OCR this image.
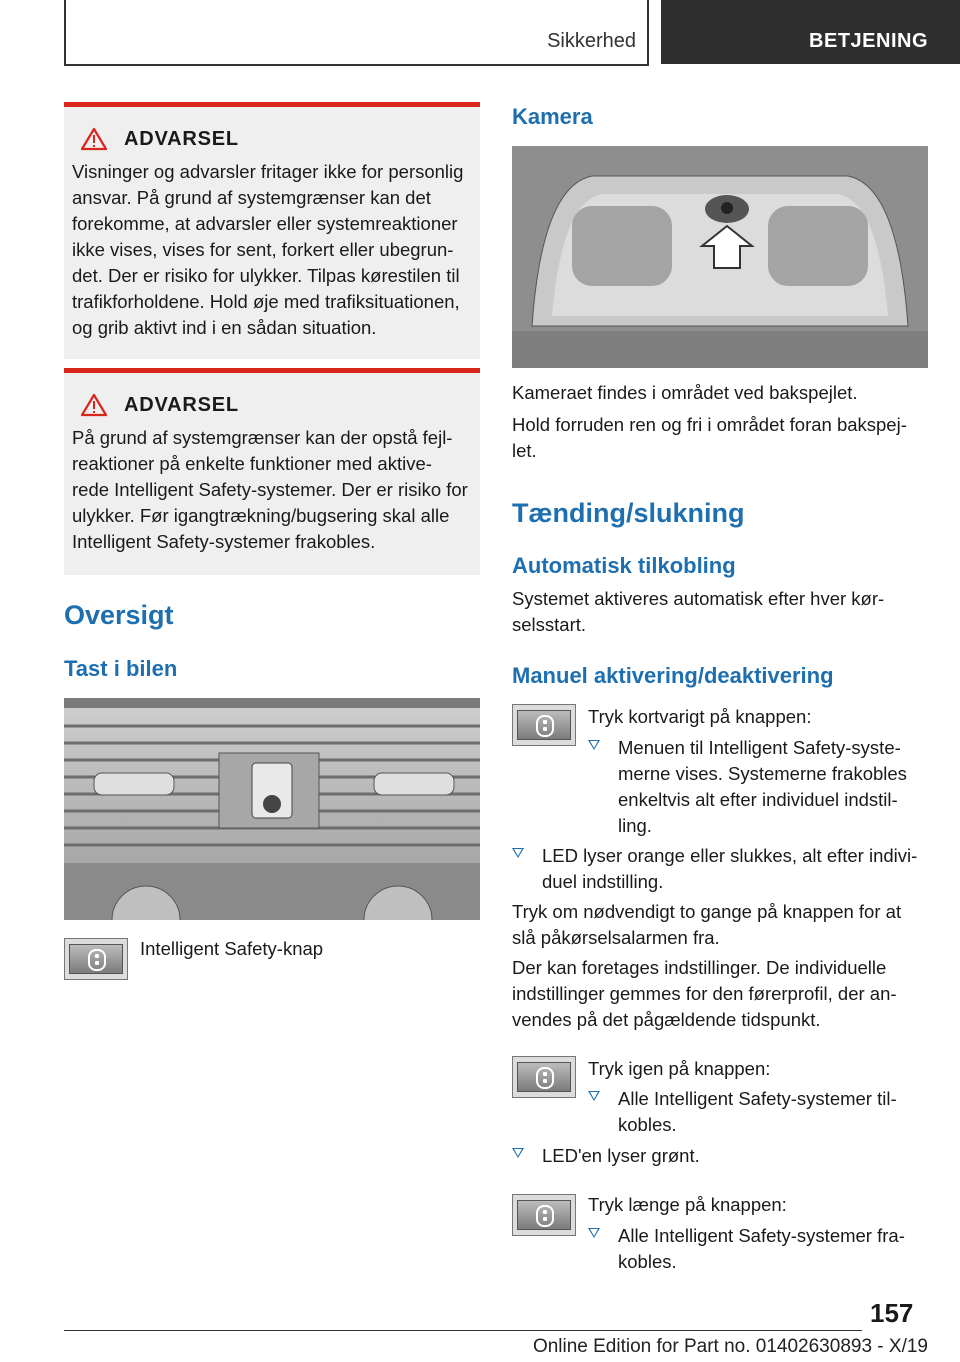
Sikkerhed	BETJENING
ADVARSEL
Visninger og advarsler fritager ikke for personlig ansvar. På grund af systemgrænser kan det forekomme, at advarsler eller systemreaktioner ikke vises, vises for sent, forkert eller ubegrun- det. Der er risiko for ulykker. Tilpas kørestilen til trafikforholdene. Hold øje med trafiksituationen, og grib aktivt ind i en sådan situation.
ADVARSEL
På grund af systemgrænser kan der opstå fejl- reaktioner på enkelte funktioner med aktive- rede Intelligent Safety-systemer. Der er risiko for ulykker. Før igangtrækning/bugsering skal alle Intelligent Safety-systemer frakobles.
Oversigt
Tast i bilen
Intelligent Safety-knap
Kamera
Kameraet findes i området ved bakspejlet.
Hold forruden ren og fri i området foran bakspej- let.
Tænding/slukning
Automatisk tilkobling
Systemet aktiveres automatisk efter hver kør- selsstart.
Manuel aktivering/deaktivering
Tryk kortvarigt på knappen:
Menuen til Intelligent Safety-syste- merne vises. Systemerne frakobles enkeltvis alt efter individuel indstil- ling.
LED lyser orange eller slukkes, alt efter indivi- duel indstilling.
Tryk om nødvendigt to gange på knappen for at slå påkørselsalarmen fra.
Der kan foretages indstillinger. De individuelle indstillinger gemmes for den førerprofil, der an- vendes på det pågældende tidspunkt.
Tryk igen på knappen:
Alle Intelligent Safety-systemer til- kobles.
LED'en lyser grønt.
Tryk længe på knappen:
Alle Intelligent Safety-systemer fra- kobles.
157
Online Edition for Part no. 01402630893 - X/19
